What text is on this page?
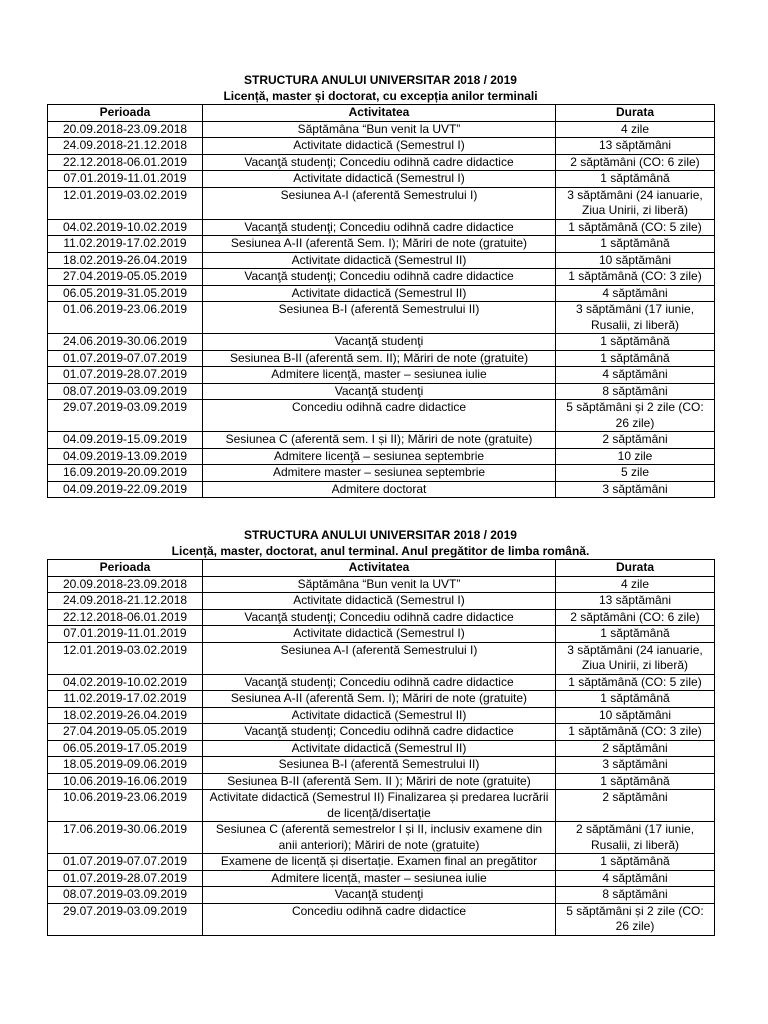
STRUCTURA ANULUI UNIVERSITAR 2018 / 2019
Licență, master și doctorat, cu excepția anilor terminali
Perioada	Activitatea	Durata
20.09.2018-23.09.2018	Săptămâna “Bun venit la UVT”	4 zile
24.09.2018-21.12.2018	Activitate didactică (Semestrul I)	13 săptămâni
22.12.2018-06.01.2019	Vacanţă studenţi; Concediu odihnă cadre didactice	2 săptămâni (CO: 6 zile)
07.01.2019-11.01.2019	Activitate didactică (Semestrul I)	1 săptămână
12.01.2019-03.02.2019	Sesiunea A-I (aferentă Semestrului I)	3 săptămâni (24 ianuarie, Ziua Unirii, zi liberă)
04.02.2019-10.02.2019	Vacanţă studenţi; Concediu odihnă cadre didactice	1 săptămână (CO: 5 zile)
11.02.2019-17.02.2019	Sesiunea A-II (aferentă Sem. I); Măriri de note (gratuite)	1 săptămână
18.02.2019-26.04.2019	Activitate didactică (Semestrul II)	10 săptămâni
27.04.2019-05.05.2019	Vacanţă studenţi; Concediu odihnă cadre didactice	1 săptămână (CO: 3 zile)
06.05.2019-31.05.2019	Activitate didactică (Semestrul II)	4 săptămâni
01.06.2019-23.06.2019	Sesiunea B-I (aferentă Semestrului II)	3 săptămâni (17 iunie, Rusalii, zi liberă)
24.06.2019-30.06.2019	Vacanţă studenţi	1 săptămână
01.07.2019-07.07.2019	Sesiunea B-II (aferentă sem. II); Măriri de note (gratuite)	1 săptămână
01.07.2019-28.07.2019	Admitere licenţă, master – sesiunea iulie	4 săptămâni
08.07.2019-03.09.2019	Vacanţă studenţi	8 săptămâni
29.07.2019-03.09.2019	Concediu odihnă cadre didactice	5 săptămâni și 2 zile (CO: 26 zile)
04.09.2019-15.09.2019	Sesiunea C (aferentă sem. I și II); Măriri de note (gratuite)	2 săptămâni
04.09.2019-13.09.2019	Admitere licenţă – sesiunea septembrie	10 zile
16.09.2019-20.09.2019	Admitere master – sesiunea septembrie	5 zile
04.09.2019-22.09.2019	Admitere doctorat	3 săptămâni
STRUCTURA ANULUI UNIVERSITAR 2018 / 2019
Licență, master, doctorat, anul terminal. Anul pregătitor de limba română.
Perioada	Activitatea	Durata
20.09.2018-23.09.2018	Săptămâna “Bun venit la UVT”	4 zile
24.09.2018-21.12.2018	Activitate didactică (Semestrul I)	13 săptămâni
22.12.2018-06.01.2019	Vacanţă studenţi; Concediu odihnă cadre didactice	2 săptămâni (CO: 6 zile)
07.01.2019-11.01.2019	Activitate didactică (Semestrul I)	1 săptămână
12.01.2019-03.02.2019	Sesiunea A-I (aferentă Semestrului I)	3 săptămâni (24 ianuarie, Ziua Unirii, zi liberă)
04.02.2019-10.02.2019	Vacanţă studenţi; Concediu odihnă cadre didactice	1 săptămână (CO: 5 zile)
11.02.2019-17.02.2019	Sesiunea A-II (aferentă Sem. I); Măriri de note (gratuite)	1 săptămână
18.02.2019-26.04.2019	Activitate didactică (Semestrul II)	10 săptămâni
27.04.2019-05.05.2019	Vacanţă studenţi; Concediu odihnă cadre didactice	1 săptămână (CO: 3 zile)
06.05.2019-17.05.2019	Activitate didactică (Semestrul II)	2 săptămâni
18.05.2019-09.06.2019	Sesiunea B-I (aferentă Semestrului II)	3 săptămâni
10.06.2019-16.06.2019	Sesiunea B-II (aferentă Sem. II ); Măriri de note (gratuite)	1 săptămână
10.06.2019-23.06.2019	Activitate didactică (Semestrul II) Finalizarea și predarea lucrării de licență/disertație	2 săptămâni
17.06.2019-30.06.2019	Sesiunea C (aferentă semestrelor I și II, inclusiv examene din anii anteriori); Măriri de note (gratuite)	2 săptămâni (17 iunie, Rusalii, zi liberă)
01.07.2019-07.07.2019	Examene de licență și disertație. Examen final an pregătitor	1 săptămână
01.07.2019-28.07.2019	Admitere licență, master – sesiunea iulie	4 săptămâni
08.07.2019-03.09.2019	Vacanţă studenţi	8 săptămâni
29.07.2019-03.09.2019	Concediu odihnă cadre didactice	5 săptămâni și 2 zile (CO: 26 zile)
